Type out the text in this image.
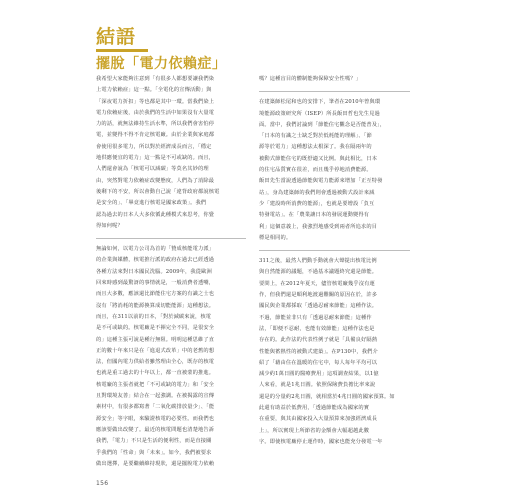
結語
擺脫「電力依賴症」

我希望大家能夠注意到「有很多人都想要讓我們染

上電力依賴症」這一點。「全電化的宣傳活動」與

「深夜電力折扣」等也都是其中一環。當我們染上

電力依賴症後，由於我們的生活中如果沒有大量電

力的話，就無法維持生活水準，所以我們會害怕停

電，並變得不得不肯定核電廠。由於企業與家庭都

會使用很多電力，所以對於經濟成長而言，「穩定

地供應便宜的電力」這一點是不可或缺的。而且，

人們還會說為「核電可以減碳」等莫名其妙的理

由，突然對電力依賴症改變態度，人們為了消除最

後剩下的不安，所以會動自己說「違背政府都說核電

是安全的」、「畢竟進行核電是國家政策」。我們

認為過去的日本人大多依循此種模式來思考，你覺

得如何呢？

無論如何，以電力公司為首的「贊成核能電力派」

的企業與媒體，核電推行派的政府在過去已經透過

各種方法來對日本國民洗腦。2009年，我從歐洲

回來時感到最驚訝的事情就是，一般消費者透嘴，

而且大多數，應該還比節能住宅方案的有識之士也

沒有「將消耗的能源換算成切能能源」這種想法。

而且，在311以前的日本，「對於減碳來說，核電

是不可或缺的。核電廠是不揮完全不同，是很安全

的」這種主張可說是種行無阻。明明這種思維了直

正的數十年來只是在「進退式改革」中的老舊的想

法，但國內電力供給者雖然理由全心，既存的核電

也就是重工過去的十年以上，都一直被蒙的推進。

核電廠的主張者就把「不可或缺的電力」和「安全

且對環境友善」結合在一起強調。在被揭露的宣傳

素材中，有很多都寫著「二氧化碳排放量少」、「能

源安全」等字眼，來驗證核電的必要性。而我們也

應該要做出改變了。最近的核電問題也清楚地告訴

我們，「電力」不只是生活的便利性，而是直接關

乎我們的「性命」與「未來」。如今，我們被要求

做出選擇，是要繼續維持現狀，還是擺脫電力依賴

嗎？這種盲目的體制能夠保障安全性嗎？」

在建築師松尾和也的安排下，筆者在2010年曾與環

境能源政策研究所（ISEP）所長飯田哲也先生見過

面。當中，我們討論到「節能住宅觀念是否能普及」，

「日本的有識之士缺乏對於低耗能的理解」、「節

源等於電力」這種想法太根深了。我在隔兩年的

被動式節能住宅的既舒適又比例。與此相比，日本

的住宅品質實在很差，而且幾乎停地消費能源。

飯田先生當說透過節能與電力能源來增加「正互特發

站」，身為建築師的我們則會透過被動式設計來減

少「建設時所消費的能源」，也就是要增設「負互

特發電站」。在「農業讓日本的發展運動變得有

利」這個意義上，我強烈地感受到兩者所追求的目

標是相同的。

311之後，最然人們動手動就會大聲提出核電比例

與自然能源的議題，不過基本議題終究還是節能。

要問上，在2012年夏天，儘管核電廠幾乎沒有運

作，但我們還是順利地渡過難關的原因在於，許多

國民與企業都採取「透過忍耐來節能」這種作法。

不過，節能並非只有「透過忍耐來節能」這種作

法，「即便不忍耐，也能有效節能」這種作法也是

存在的。此作法的代表性例子就是「具備良好隔熱

性能與蓄熱性的被動式建築」。在P130中，我們介

紹了「藉由住在溫暖的住宅中，每人每年平均可以

減少約1萬日圓的醫療費用」這項調查結果，以1億

人來看，就是1兆日圓。依照保險費負擔比率來說

還是的分量約2兆日圓，就相當於4兆日圓的國家預算。如

此還有助益於低費用，「透過節能成為國家的實

在重要，與其由國家投入大量預算來加強經濟成長

上」，所以實現上所節省的金額會大幅超越此數

字。即使核電廠停止運作時，國家也能充分發電一年

156
